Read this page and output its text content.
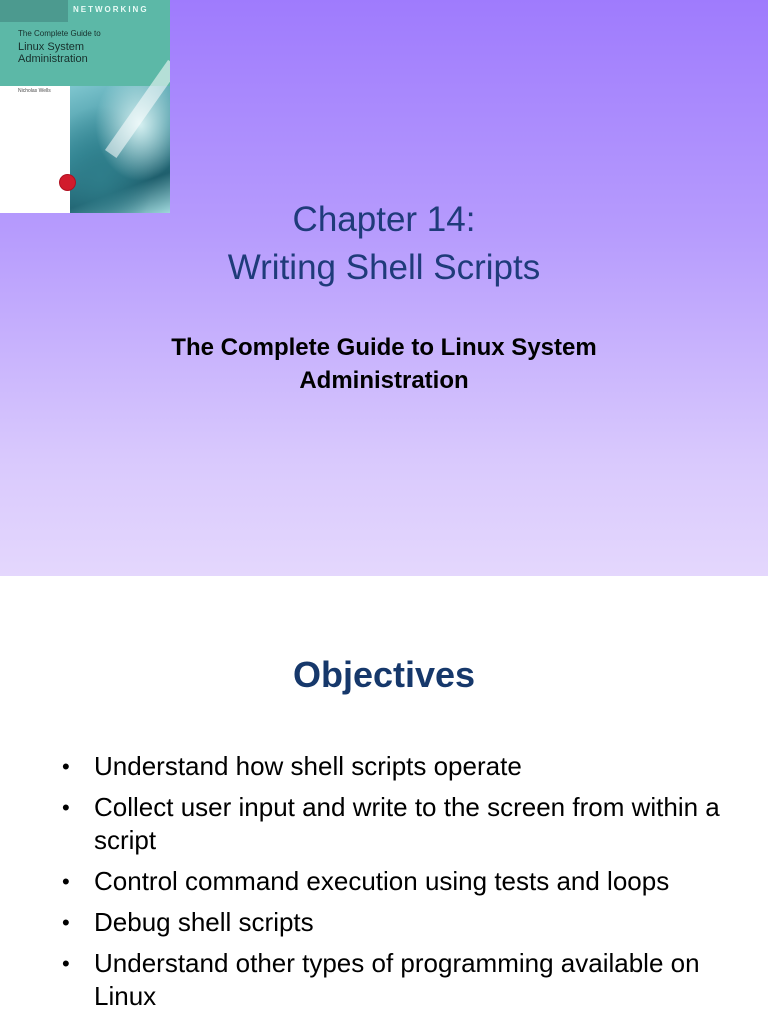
NETWORKING
The Complete Guide to
Linux System
Administration
Nicholas Wells
Chapter 14:
Writing Shell Scripts
The Complete Guide to Linux System
Administration
Objectives
• Understand how shell scripts operate
• Collect user input and write to the screen from within a script
• Control command execution using tests and loops
• Debug shell scripts
• Understand other types of programming available on Linux
